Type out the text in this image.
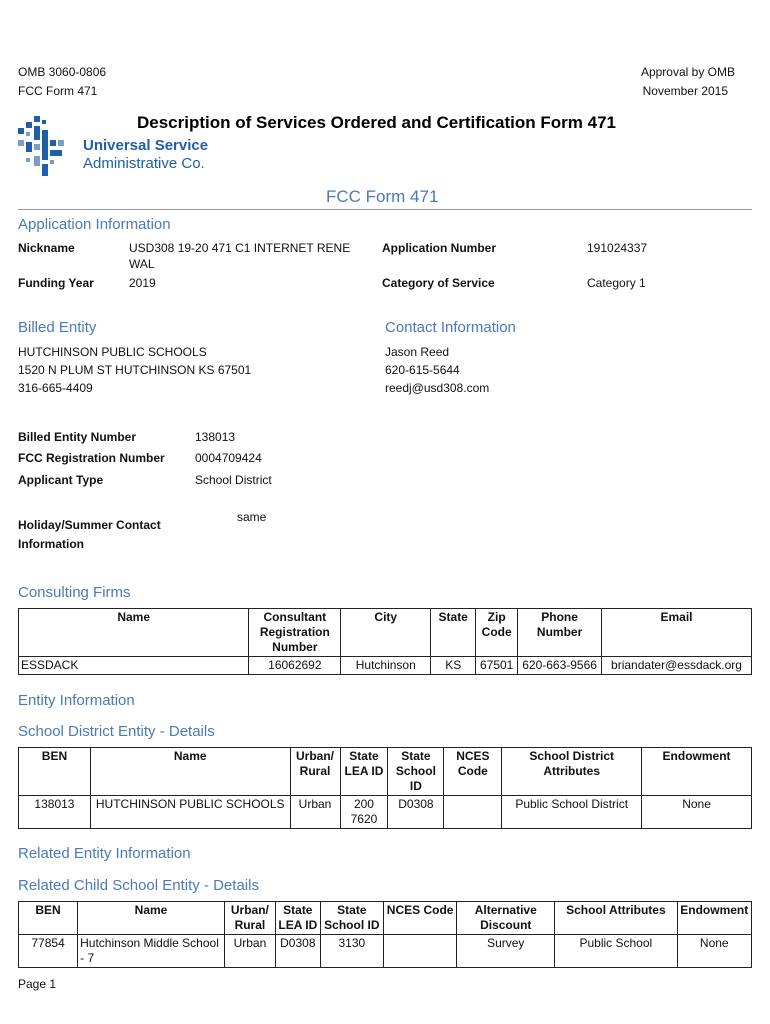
OMB 3060-0806
FCC Form 471
Approval by OMB
November 2015
Universal Service
Administrative Co.
Description of Services Ordered and Certification Form 471
FCC Form 471
Application Information
Nickname	USD308 19-20 471 C1 INTERNET RENE
WAL
Application Number	191024337
Funding Year	2019	Category of Service	Category 1
Billed Entity
HUTCHINSON PUBLIC SCHOOLS
1520 N PLUM ST HUTCHINSON KS 67501
316-665-4409
Contact Information
Jason Reed
620-615-5644
reedj@usd308.com
Billed Entity Number	138013
FCC Registration Number	0004709424
Applicant Type	School District
Holiday/Summer Contact
Information
same
Consulting Firms
Name	Consultant Registration Number	City	State	Zip Code	Phone Number	Email
ESSDACK	16062692	Hutchinson	KS	67501	620-663-9566	briandater@essdack.org
Entity Information
School District Entity - Details
BEN	Name	Urban/ Rural	State LEA ID	State School ID	NCES Code	School District Attributes	Endowment
138013	HUTCHINSON PUBLIC SCHOOLS	Urban	200 7620	D0308		Public School District	None
Related Entity Information
Related Child School Entity - Details
BEN	Name	Urban/ Rural	State LEA ID	State School ID	NCES Code	Alternative Discount	School Attributes	Endowment
77854	Hutchinson Middle School - 7	Urban	D0308	3130		Survey	Public School	None
Page 1
